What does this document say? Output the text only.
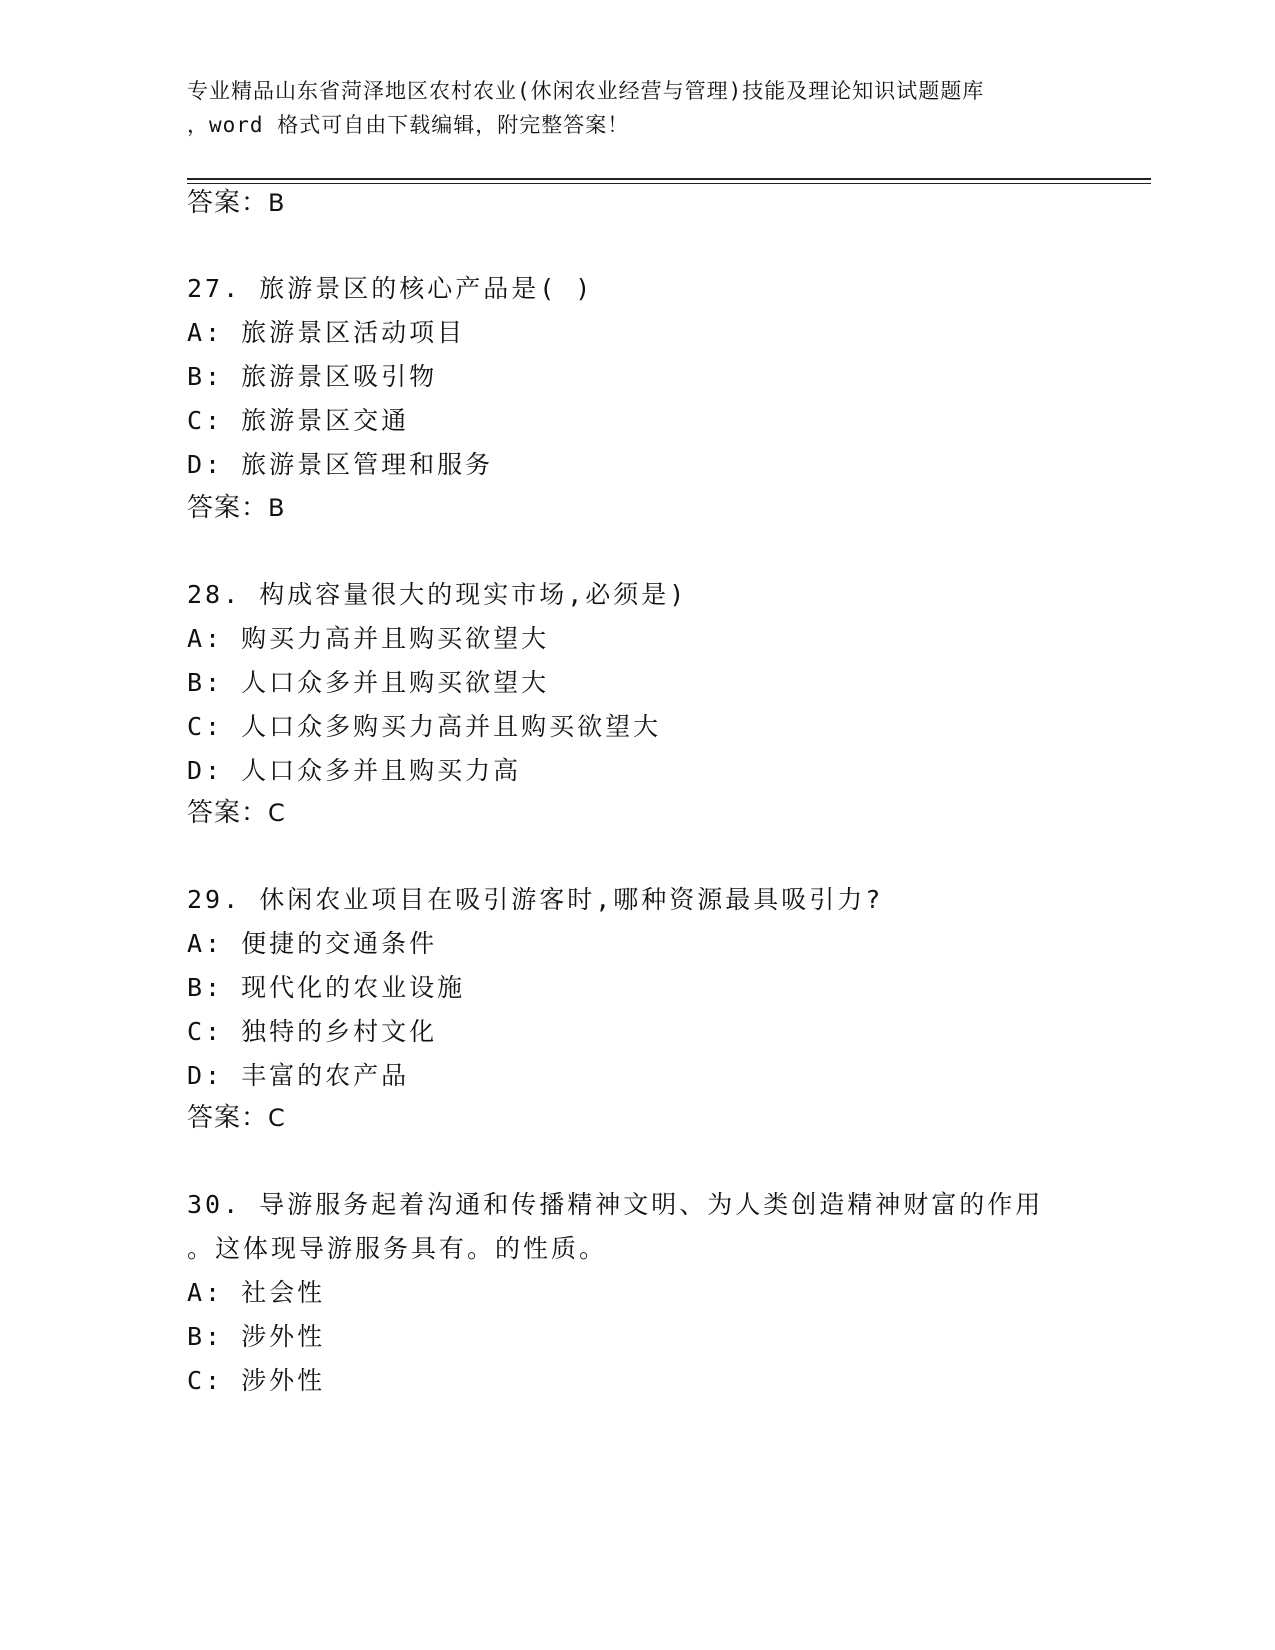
专业精品山东省菏泽地区农村农业(休闲农业经营与管理)技能及理论知识试题题库
，word 格式可自由下载编辑，附完整答案！
答案：B
27. 旅游景区的核心产品是( )
A: 旅游景区活动项目
B: 旅游景区吸引物
C: 旅游景区交通
D: 旅游景区管理和服务
答案：B
28. 构成容量很大的现实市场,必须是)
A: 购买力高并且购买欲望大
B: 人口众多并且购买欲望大
C: 人口众多购买力高并且购买欲望大
D: 人口众多并且购买力高
答案：C
29. 休闲农业项目在吸引游客时,哪种资源最具吸引力?
A: 便捷的交通条件
B: 现代化的农业设施
C: 独特的乡村文化
D: 丰富的农产品
答案：C
30. 导游服务起着沟通和传播精神文明、为人类创造精神财富的作用
。这体现导游服务具有。的性质。
A: 社会性
B: 涉外性
C: 涉外性
